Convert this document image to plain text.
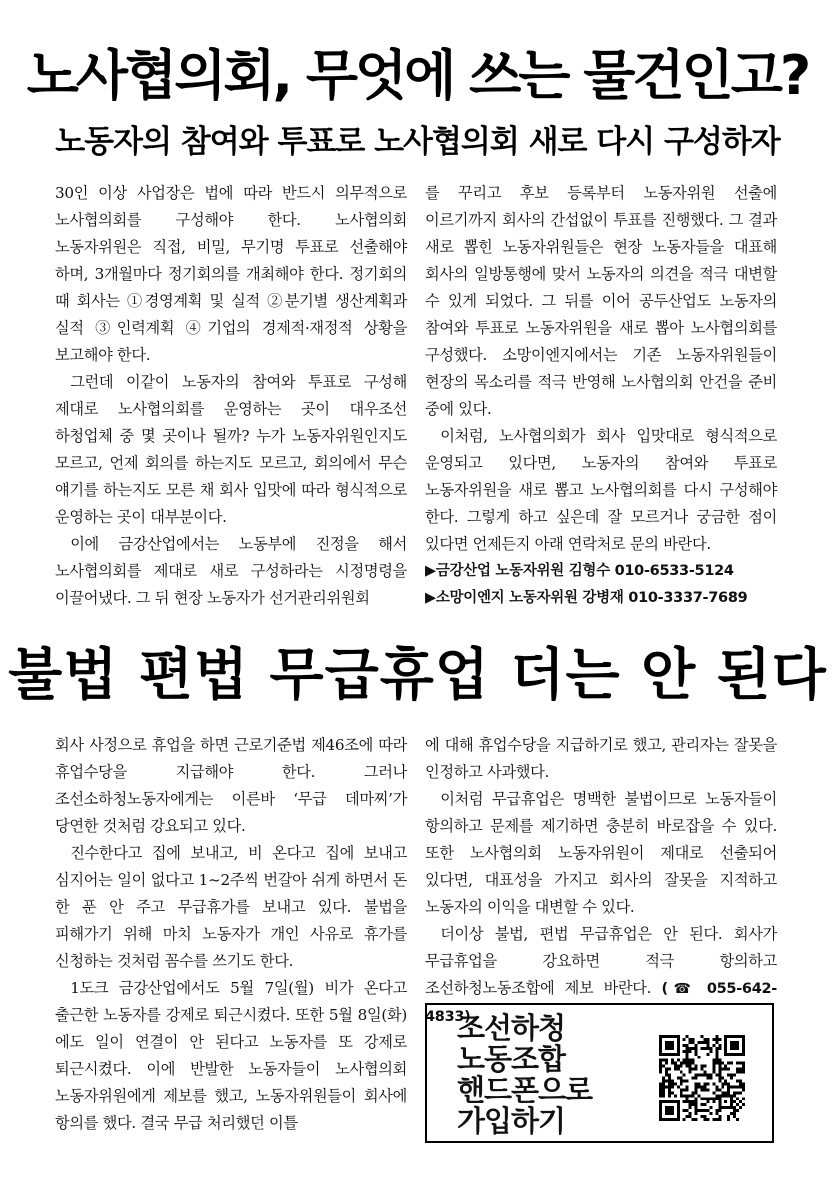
노사협의회, 무엇에 쓰는 물건인고?
노동자의 참여와 투표로 노사협의회 새로 다시 구성하자

30인 이상 사업장은 법에 따라 반드시 의무적으로 노사협의회를 구성해야 한다. 노사협의회 노동자위원은 직접, 비밀, 무기명 투표로 선출해야 하며, 3개월마다 정기회의를 개최해야 한다. 정기회의 때 회사는 ①경영계획 및 실적 ②분기별 생산계획과 실적 ③인력계획 ④기업의 경제적·재정적 상황을 보고해야 한다.

그런데 이같이 노동자의 참여와 투표로 구성해 제대로 노사협의회를 운영하는 곳이 대우조선 하청업체 중 몇 곳이나 될까? 누가 노동자위원인지도 모르고, 언제 회의를 하는지도 모르고, 회의에서 무슨 얘기를 하는지도 모른 채 회사 입맛에 따라 형식적으로 운영하는 곳이 대부분이다.

이에 금강산업에서는 노동부에 진정을 해서 노사협의회를 제대로 새로 구성하라는 시정명령을 이끌어냈다. 그 뒤 현장 노동자가 선거관리위원회

를 꾸리고 후보 등록부터 노동자위원 선출에 이르기까지 회사의 간섭없이 투표를 진행했다. 그 결과 새로 뽑힌 노동자위원들은 현장 노동자들을 대표해 회사의 일방통행에 맞서 노동자의 의견을 적극 대변할 수 있게 되었다. 그 뒤를 이어 공두산업도 노동자의 참여와 투표로 노동자위원을 새로 뽑아 노사협의회를 구성했다. 소망이엔지에서는 기존 노동자위원들이 현장의 목소리를 적극 반영해 노사협의회 안건을 준비 중에 있다.

이처럼, 노사협의회가 회사 입맛대로 형식적으로 운영되고 있다면, 노동자의 참여와 투표로 노동자위원을 새로 뽑고 노사협의회를 다시 구성해야 한다. 그렇게 하고 싶은데 잘 모르거나 궁금한 점이 있다면 언제든지 아래 연락처로 문의 바란다.

▶금강산업 노동자위원 김형수 010-6533-5124
▶소망이엔지 노동자위원 강병재 010-3337-7689
불법 편법 무급휴업 더는 안 된다

회사 사정으로 휴업을 하면 근로기준법 제46조에 따라 휴업수당을 지급해야 한다. 그러나 조선소하청노동자에게는 이른바 ‘무급 데마찌’가 당연한 것처럼 강요되고 있다.

진수한다고 집에 보내고, 비 온다고 집에 보내고 심지어는 일이 없다고 1~2주씩 번갈아 쉬게 하면서 돈 한 푼 안 주고 무급휴가를 보내고 있다. 불법을 피해가기 위해 마치 노동자가 개인 사유로 휴가를 신청하는 것처럼 꼼수를 쓰기도 한다.

1도크 금강산업에서도 5월 7일(월) 비가 온다고 출근한 노동자를 강제로 퇴근시켰다. 또한 5월 8일(화)에도 일이 연결이 안 된다고 노동자를 또 강제로 퇴근시켰다. 이에 반발한 노동자들이 노사협의회 노동자위원에게 제보를 했고, 노동자위원들이 회사에 항의를 했다. 결국 무급 처리했던 이틀

에 대해 휴업수당을 지급하기로 했고, 관리자는 잘못을 인정하고 사과했다.

이처럼 무급휴업은 명백한 불법이므로 노동자들이 항의하고 문제를 제기하면 충분히 바로잡을 수 있다. 또한 노사협의회 노동자위원이 제대로 선출되어 있다면, 대표성을 가지고 회사의 잘못을 지적하고 노동자의 이익을 대변할 수 있다.

더이상 불법, 편법 무급휴업은 안 된다. 회사가 무급휴업을 강요하면 적극 항의하고 조선하청노동조합에 제보 바란다. (☎ 055-642-4833)

조선하청
노동조합
핸드폰으로
가입하기
